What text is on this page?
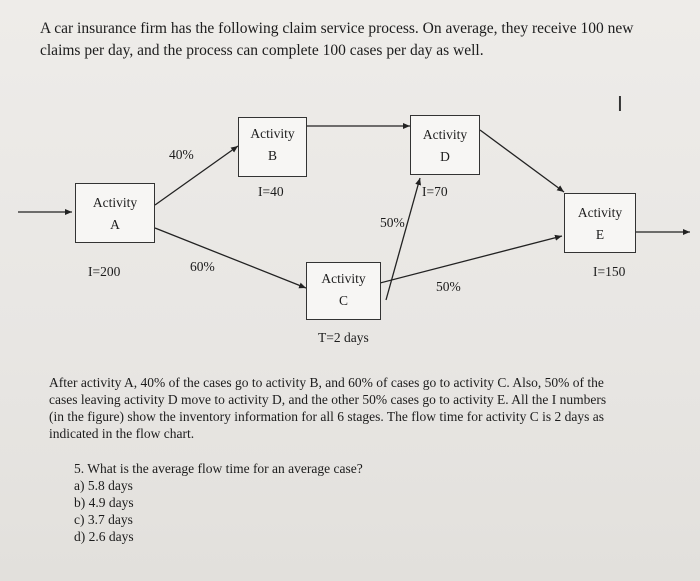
A car insurance firm has the following claim service process. On average, they receive 100 new claims per day, and the process can complete 100 cases per day as well.
I
Activity
A
Activity
B
Activity
C
Activity
D
Activity
E
40%
60%
50%
50%
I=200
I=40	I=70
I=150
T=2 days
After activity A, 40% of the cases go to activity B, and 60% of cases go to activity C. Also, 50% of the cases leaving activity D move to activity D, and the other 50% cases go to activity E. All the I numbers (in the figure) show the inventory information for all 6 stages. The flow time for activity C is 2 days as indicated in the flow chart.
5. What is the average flow time for an average case?
a) 5.8 days
b) 4.9 days
c) 3.7 days
d) 2.6 days
